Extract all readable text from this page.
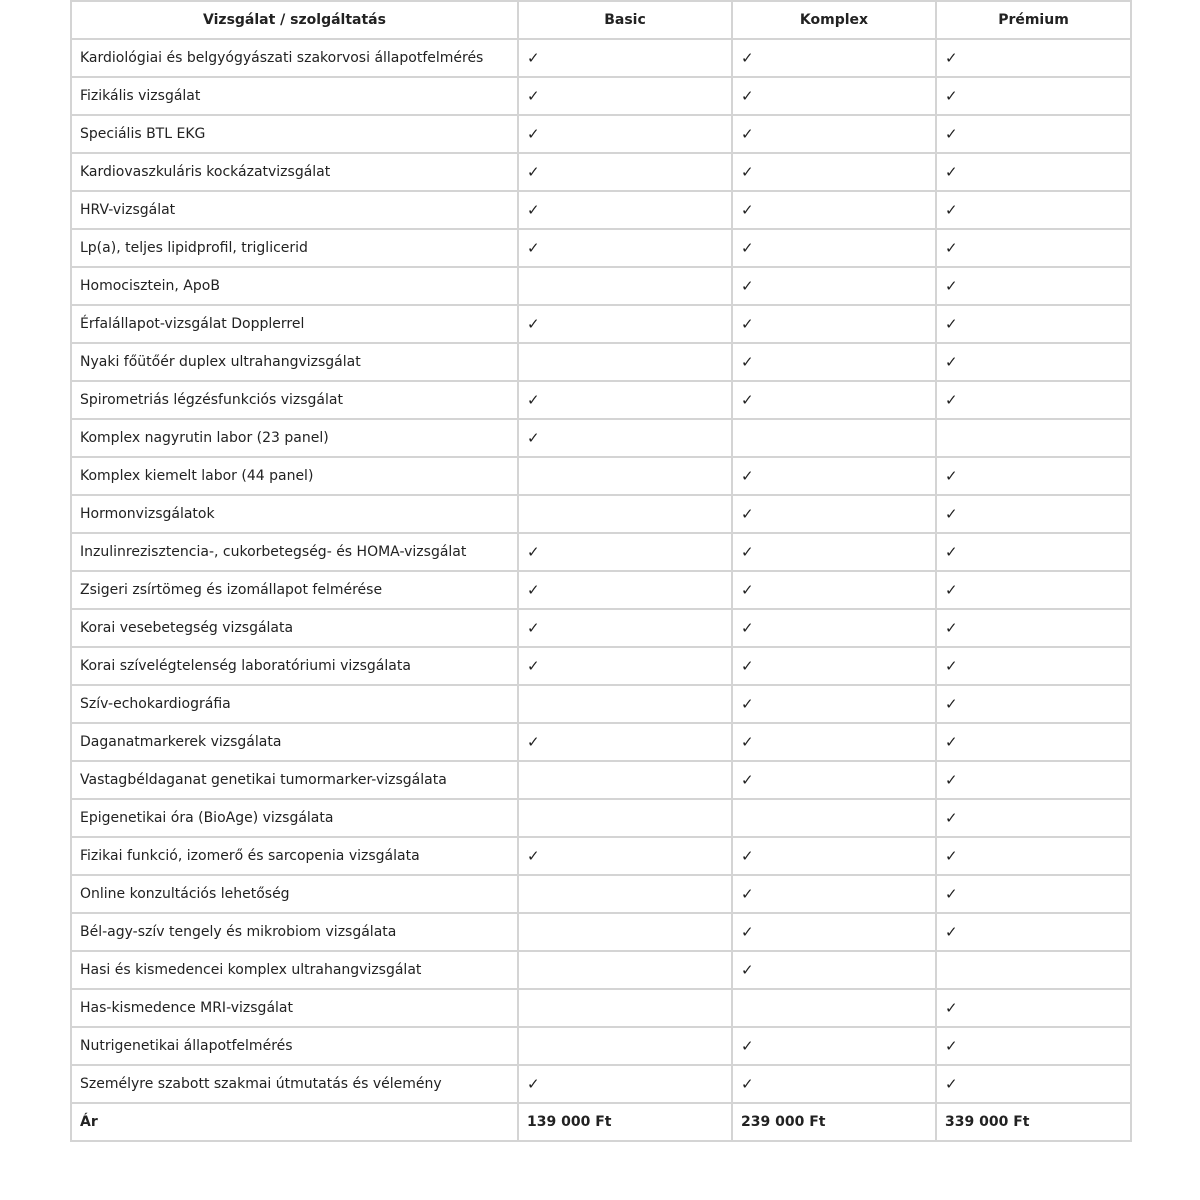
Vizsgálat / szolgáltatás	Basic	Komplex	Prémium
Kardiológiai és belgyógyászati szakorvosi állapotfelmérés	✓	✓	✓
Fizikális vizsgálat	✓	✓	✓
Speciális BTL EKG	✓	✓	✓
Kardiovaszkuláris kockázatvizsgálat	✓	✓	✓
HRV-vizsgálat	✓	✓	✓
Lp(a), teljes lipidprofil, triglicerid	✓	✓	✓
Homocisztein, ApoB		✓	✓
Érfalállapot-vizsgálat Dopplerrel	✓	✓	✓
Nyaki főütőér duplex ultrahangvizsgálat		✓	✓
Spirometriás légzésfunkciós vizsgálat	✓	✓	✓
Komplex nagyrutin labor (23 panel)	✓		
Komplex kiemelt labor (44 panel)		✓	✓
Hormonvizsgálatok		✓	✓
Inzulinrezisztencia-, cukorbetegség- és HOMA-vizsgálat	✓	✓	✓
Zsigeri zsírtömeg és izomállapot felmérése	✓	✓	✓
Korai vesebetegség vizsgálata	✓	✓	✓
Korai szívelégtelenség laboratóriumi vizsgálata	✓	✓	✓
Szív-echokardiográfia		✓	✓
Daganatmarkerek vizsgálata	✓	✓	✓
Vastagbéldaganat genetikai tumormarker-vizsgálata		✓	✓
Epigenetikai óra (BioAge) vizsgálata			✓
Fizikai funkció, izomerő és sarcopenia vizsgálata	✓	✓	✓
Online konzultációs lehetőség		✓	✓
Bél-agy-szív tengely és mikrobiom vizsgálata		✓	✓
Hasi és kismedencei komplex ultrahangvizsgálat		✓	
Has-kismedence MRI-vizsgálat			✓
Nutrigenetikai állapotfelmérés		✓	✓
Személyre szabott szakmai útmutatás és vélemény	✓	✓	✓
Ár	139 000 Ft	239 000 Ft	339 000 Ft
